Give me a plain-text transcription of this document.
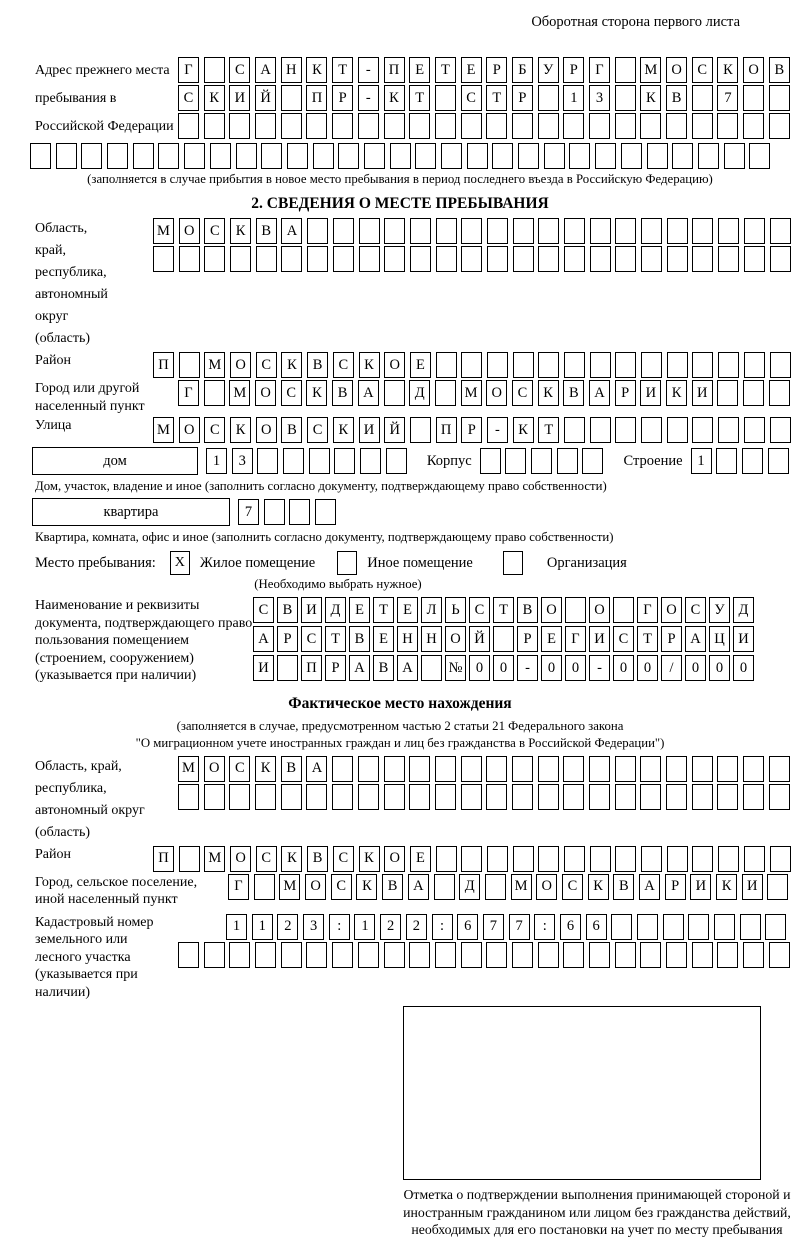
Оборотная сторона первого листа
Адрес прежнего места пребывания в Российской Федерации
Г	С	А	Н	К	Т	-	П	Е	Т	Е	Р	Б	У	Р	Г	М О	С	К	О	В
С	К	И	Й	П	Р	-	К	Т	С	Т	Р	1	3	К	В	7
(заполняется в случае прибытия в новое место пребывания в период последнего въезда в Российскую Федерацию)
2. СВЕДЕНИЯ О МЕСТЕ ПРЕБЫВАНИЯ
Область, край, республика, автономный округ (область)
М О	С	К	В	А
Район	П	М О	С	К	В	С	К	О	Е
Город или другой населенный пункт
Г	М О	С	К	В	А	Д	М О	С	К	В	А	Р	И	К	И
Улица	М О	С	К	О	В	С	К	И	Й	П	Р	-	К	Т
дом	1	3	Корпус	Строение	1
Дом, участок, владение и иное (заполнить согласно документу, подтверждающему право собственности)
квартира	7
Квартира, комната, офис и иное (заполнить согласно документу, подтверждающему право собственности)
Место пребывания:	X	Жилое помещение	Иное помещение	Организация
(Необходимо выбрать нужное)
Наименование и реквизиты документа, подтверждающего право пользования помещением (строением, сооружением) (указывается при наличии)
С В И Д	Е	Т	Е	Л	Ь	С	Т	В О	О	Г	О С У Д
А	Р	С	Т	В	Е Н Н О Й	Р	Е	Г	И С	Т	Р	А Ц И
И	П	Р	А В А	№ 0	0	-	0	0	-	0	0	/	0	0	0
Фактическое место нахождения
(заполняется в случае, предусмотренном частью 2 статьи 21 Федерального закона
"О миграционном учете иностранных граждан и лиц без гражданства в Российской Федерации")
Область, край, республика, автономный округ (область)
М О	С	К	В	А
Район	П	М О	С	К	В	С	К	О	Е
Город, сельское поселение, иной населенный пункт
Г	М О	С	К	В	А	Д	М О	С	К	В	А	Р	И	К	И
Кадастровый номер земельного или лесного участка (указывается при наличии)
1	1	2	3	:	1	2	2	:	6	7	7	:	6	6
Отметка о подтверждении выполнения принимающей стороной и иностранным гражданином или лицом без гражданства действий, необходимых для его постановки на учет по месту пребывания
